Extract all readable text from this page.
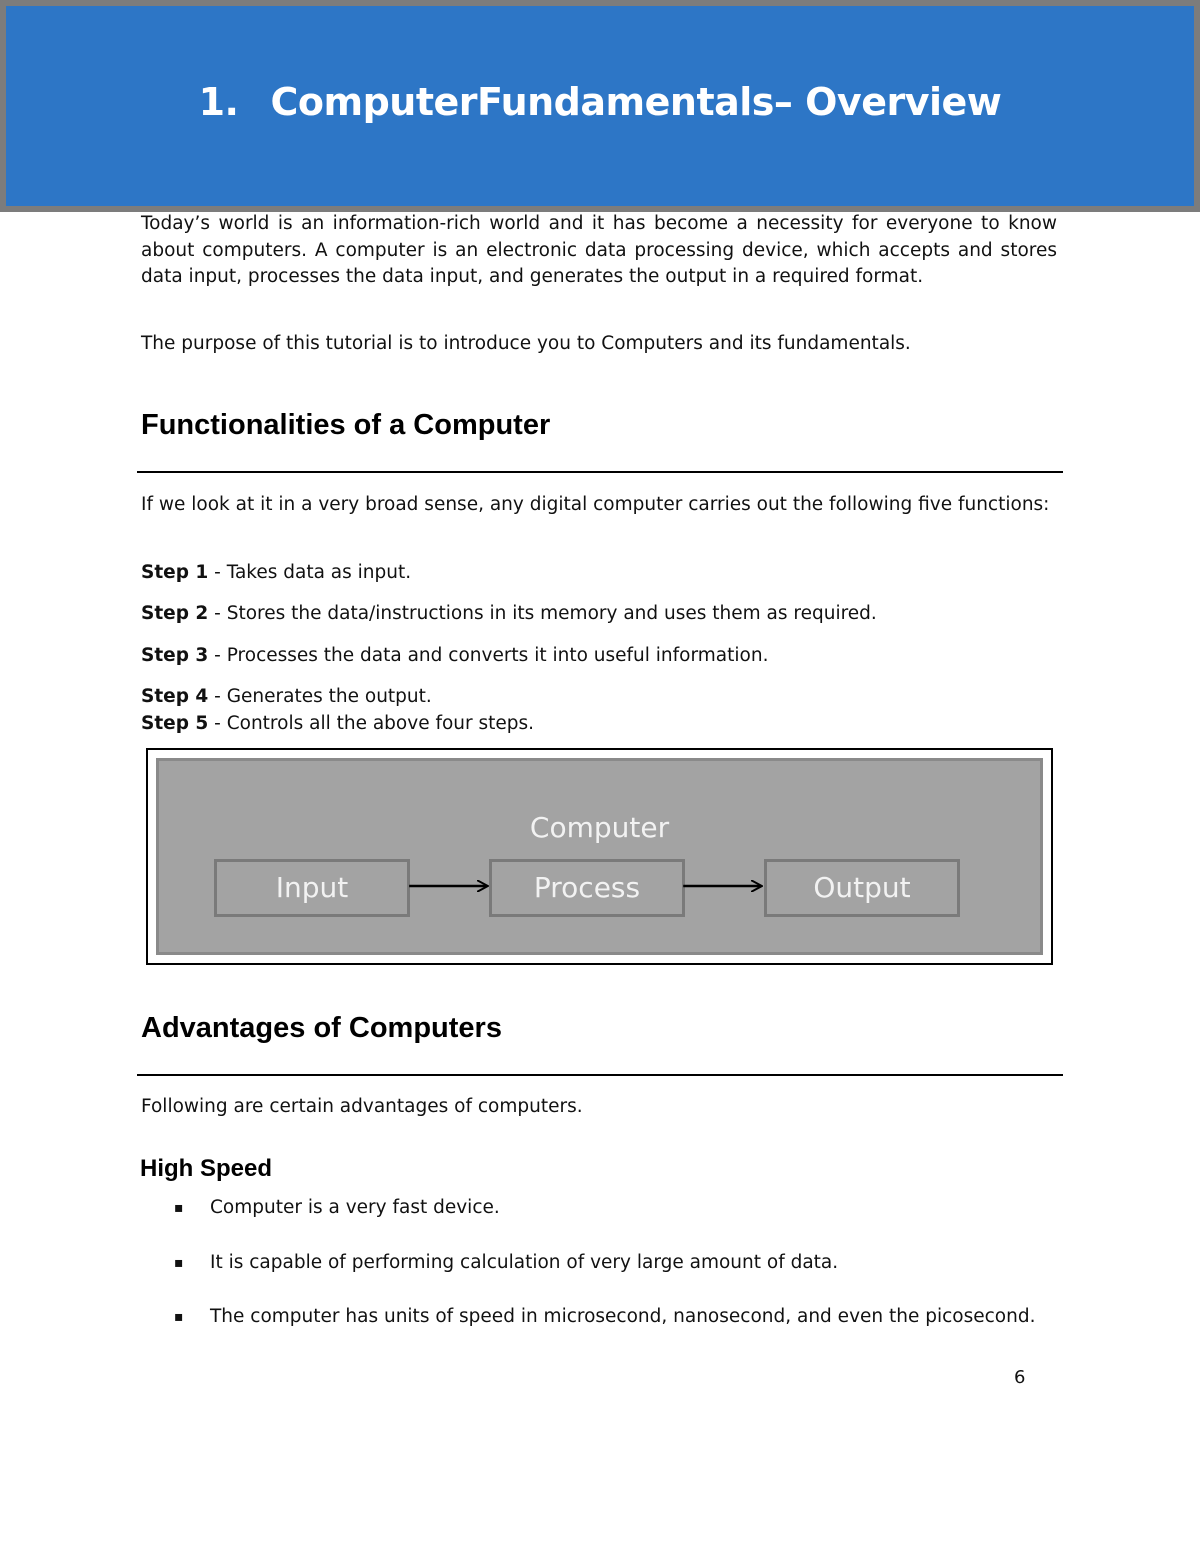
1. ComputerFundamentals– Overview

Today’s world is an information-rich world and it has become a necessity for everyone to know about computers. A computer is an electronic data processing device, which accepts and stores data input, processes the data input, and generates the output in a required format.

The purpose of this tutorial is to introduce you to Computers and its fundamentals.

Functionalities of a Computer

If we look at it in a very broad sense, any digital computer carries out the following five functions:

Step 1 - Takes data as input.
Step 2 - Stores the data/instructions in its memory and uses them as required.
Step 3 - Processes the data and converts it into useful information.
Step 4 - Generates the output.
Step 5 - Controls all the above four steps.
Computer
Input	Process	Output
Advantages of Computers

Following are certain advantages of computers.

High Speed
▪ Computer is a very fast device.
▪ It is capable of performing calculation of very large amount of data.
▪ The computer has units of speed in microsecond, nanosecond, and even the picosecond.
6
